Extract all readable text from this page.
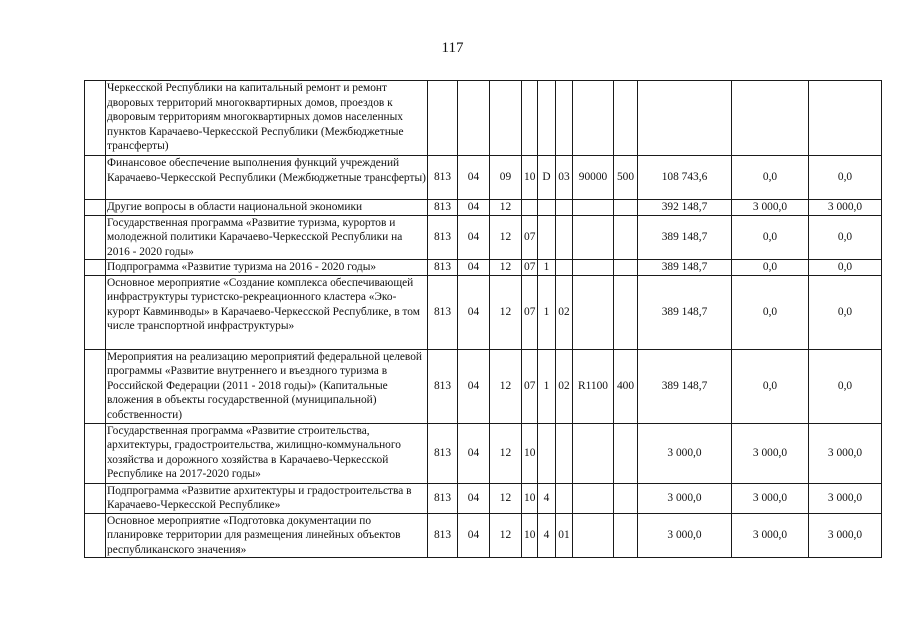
117
	Черкесской Республики на капитальный ремонт и ремонт дворовых территорий многоквартирных домов, проездов к дворовым территориям многоквартирных домов населенных пунктов Карачаево-Черкесской Республики (Межбюджетные трансферты)											
	Финансовое обеспечение выполнения функций учреждений Карачаево-Черкесской Республики (Межбюджетные трансферты)	813	04	09	10	D	03	90000	500	108 743,6	0,0	0,0
	Другие вопросы в области национальной экономики	813	04	12						392 148,7	3 000,0	3 000,0
	Государственная программа «Развитие туризма, курортов и молодежной политики Карачаево-Черкесской Республики на 2016 - 2020 годы»	813	04	12	07					389 148,7	0,0	0,0
	Подпрограмма «Развитие туризма на 2016 - 2020 годы»	813	04	12	07	1				389 148,7	0,0	0,0
	Основное мероприятие «Создание комплекса обеспечивающей инфраструктуры туристско-рекреационного кластера «Эко-курорт Кавминводы» в Карачаево-Черкесской Республике, в том числе транспортной инфраструктуры»	813	04	12	07	1	02			389 148,7	0,0	0,0
	Мероприятия на реализацию мероприятий федеральной целевой программы «Развитие внутреннего и въездного туризма в Российской Федерации (2011 - 2018 годы)» (Капитальные вложения в объекты государственной (муниципальной) собственности)	813	04	12	07	1	02	R1100	400	389 148,7	0,0	0,0
	Государственная программа «Развитие строительства, архитектуры, градостроительства, жилищно-коммунального хозяйства и дорожного хозяйства в Карачаево-Черкесской Республике на 2017-2020 годы»	813	04	12	10					3 000,0	3 000,0	3 000,0
	Подпрограмма «Развитие архитектуры и градостроительства в Карачаево-Черкесской Республике»	813	04	12	10	4				3 000,0	3 000,0	3 000,0
	Основное мероприятие «Подготовка документации по планировке территории для размещения линейных объектов республиканского значения»	813	04	12	10	4	01			3 000,0	3 000,0	3 000,0
